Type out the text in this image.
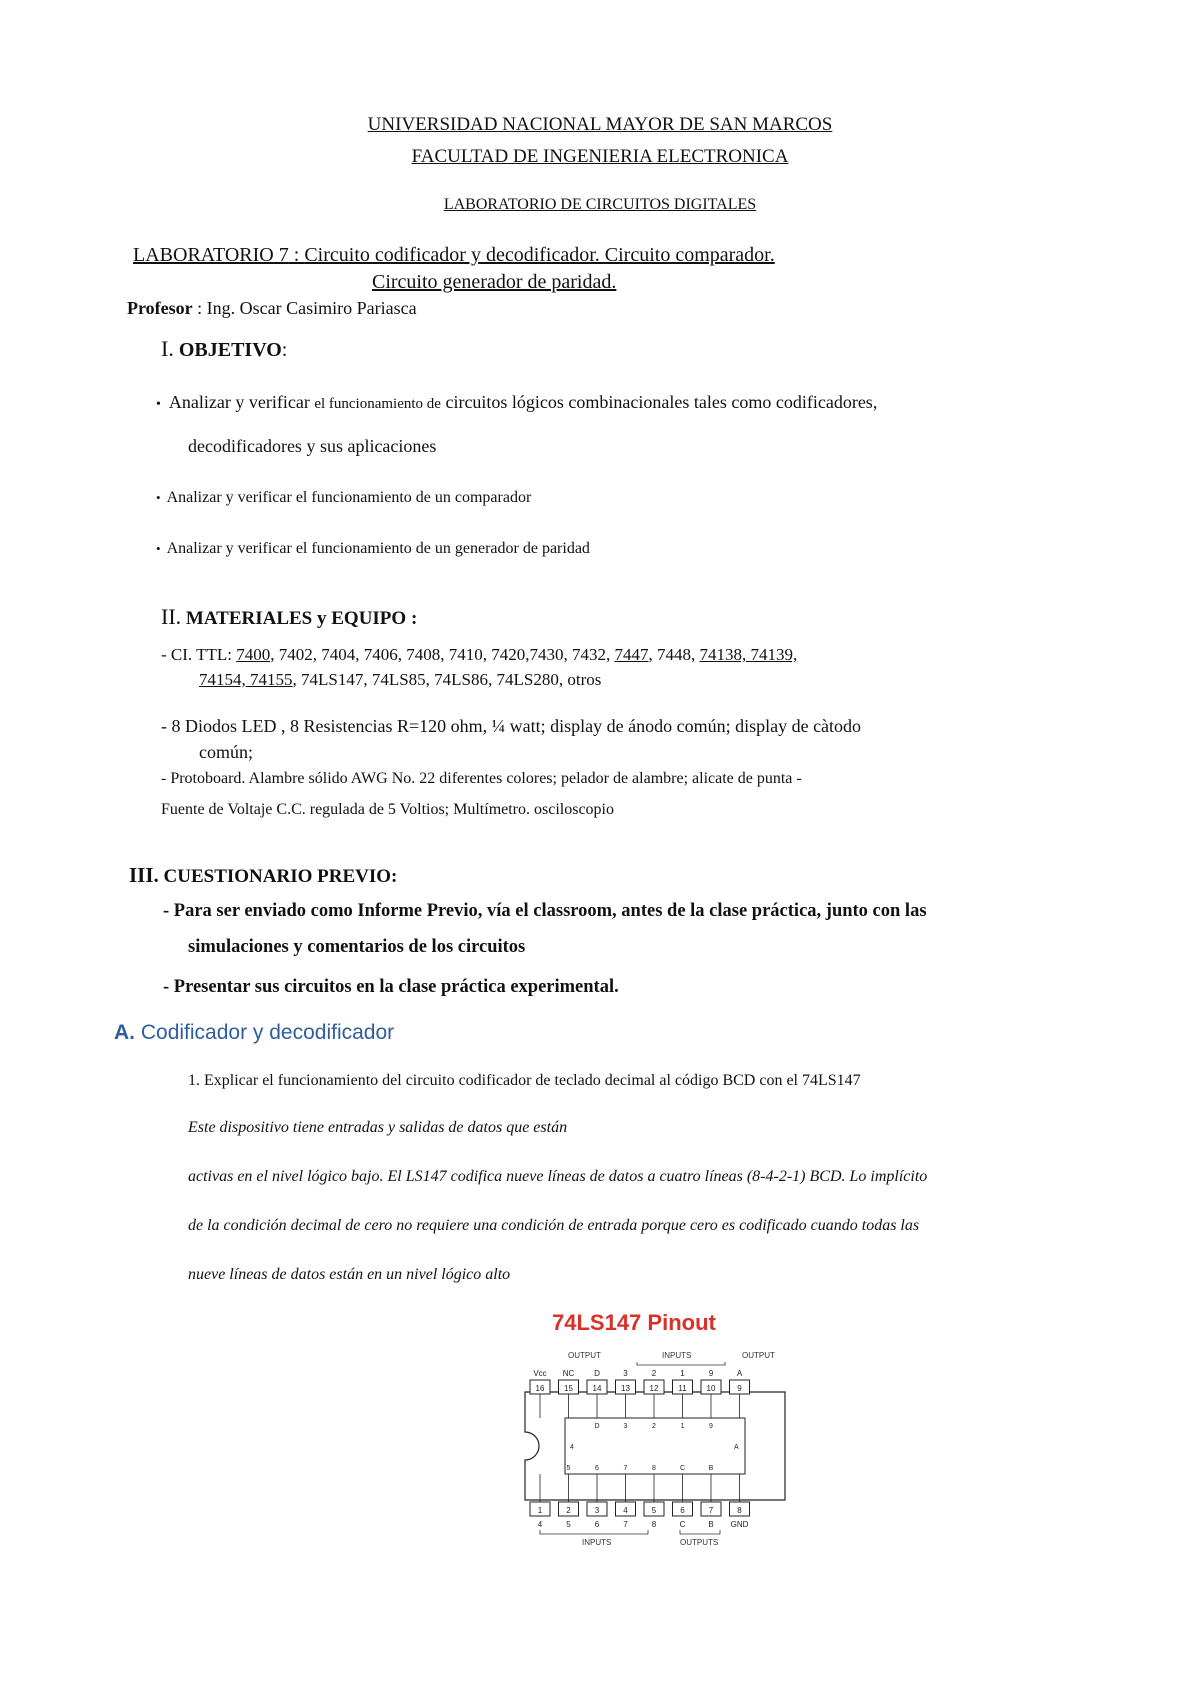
UNIVERSIDAD NACIONAL MAYOR DE SAN MARCOS
FACULTAD DE INGENIERIA ELECTRONICA
LABORATORIO DE CIRCUITOS DIGITALES
LABORATORIO 7 : Circuito codificador y decodificador. Circuito comparador.
Circuito generador de paridad.
Profesor : Ing. Oscar Casimiro Pariasca
I. OBJETIVO:
• Analizar y verificar el funcionamiento de circuitos lógicos combinacionales tales como codificadores,
decodificadores y sus aplicaciones
• Analizar y verificar el funcionamiento de un comparador
• Analizar y verificar el funcionamiento de un generador de paridad
II. MATERIALES y EQUIPO :
- CI. TTL: 7400, 7402, 7404, 7406, 7408, 7410, 7420,7430, 7432, 7447, 7448, 74138, 74139,
74154, 74155, 74LS147, 74LS85, 74LS86, 74LS280, otros
- 8 Diodos LED , 8 Resistencias R=120 ohm, ¼ watt; display de ánodo común; display de càtodo
común;
- Protoboard. Alambre sólido AWG No. 22 diferentes colores; pelador de alambre; alicate de punta -
Fuente de Voltaje C.C. regulada de 5 Voltios; Multímetro. osciloscopio
III. CUESTIONARIO PREVIO:
- Para ser enviado como Informe Previo, vía el classroom, antes de la clase práctica, junto con las
simulaciones y comentarios de los circuitos
- Presentar sus circuitos en la clase práctica experimental.
A. Codificador y decodificador
1. Explicar el funcionamiento del circuito codificador de teclado decimal al código BCD con el 74LS147
Este dispositivo tiene entradas y salidas de datos que están
activas en el nivel lógico bajo. El LS147 codifica nueve líneas de datos a cuatro líneas (8-4-2-1) BCD. Lo implícito
de la condición decimal de cero no requiere una condición de entrada porque cero es codificado cuando todas las
nueve líneas de datos están en un nivel lógico alto
74LS147 Pinout
OUTPUT	INPUTS	OUTPUT
Vcc
16
NC
15
D
14
3
13
2
12
1
11
9
10
A
9
1
4
2
5
3
6
4
7
5
8
6
C
7
B
8
GND
D	3	2	1	9
5	6	7	8	C	B
4	A
INPUTS	OUTPUTS
